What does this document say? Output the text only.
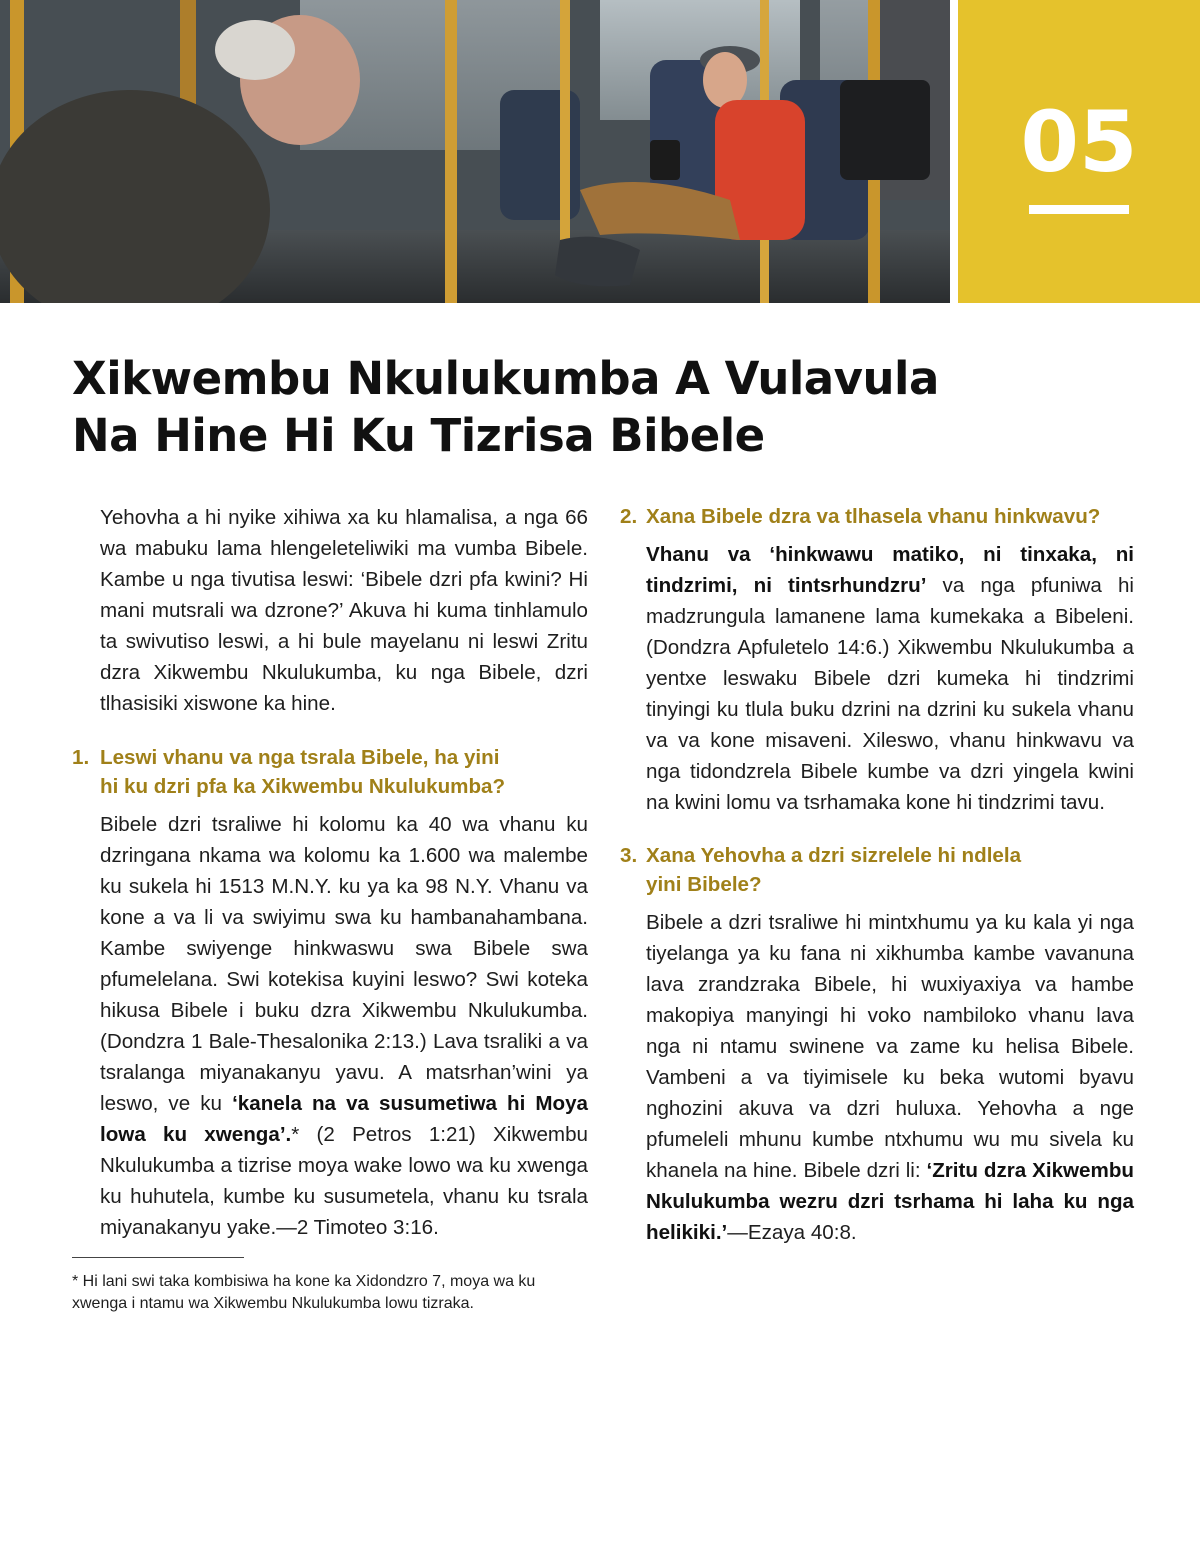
05
Xikwembu Nkulukumba A Vulavula
Na Hine Hi Ku Tizrisa Bibele

Yehovha a hi nyike xihiwa xa ku hlamalisa, a nga 66 wa mabuku lama hlengeleteliwiki ma vumba Bibele. Kambe u nga tivutisa leswi: ‘Bibele dzri pfa kwini? Hi mani mutsrali wa dzrone?’ Akuva hi kuma tinhlamulo ta swivutiso leswi, a hi bule mayelanu ni leswi Zritu dzra Xikwembu Nkulukumba, ku nga Bibele, dzri tlhasisiki xiswone ka hine.

1. Leswi vhanu va nga tsrala Bibele, ha yini
hi ku dzri pfa ka Xikwembu Nkulukumba?

Bibele dzri tsraliwe hi kolomu ka 40 wa vhanu ku dzringana nkama wa kolomu ka 1.600 wa malembe ku sukela hi 1513 M.N.Y. ku ya ka 98 N.Y. Vhanu va kone a va li va swiyimu swa ku hambanahambana. Kambe swiyenge hinkwaswu swa Bibele swa pfumelelana. Swi kotekisa kuyini leswo? Swi koteka hikusa Bibele i buku dzra Xikwembu Nkulukumba. (Dondzra 1 Bale-Thesalonika 2:13.) Lava tsraliki a va tsralanga miyanakanyu yavu. A matsrhan’wini ya leswo, ve ku ‘kanela na va susumetiwa hi Moya lowa ku xwenga’.* (2 Petros 1:21) Xikwembu Nkulukumba a tizrise moya wake lowo wa ku xwenga ku huhutela, kumbe ku susumetela, vhanu ku tsrala miyanakanyu yake.—2 Timoteo 3:16.

* Hi lani swi taka kombisiwa ha kone ka Xidondzro 7, moya wa ku xwenga i ntamu wa Xikwembu Nkulukumba lowu tizraka.

2. Xana Bibele dzra va tlhasela vhanu hinkwavu?

Vhanu va ‘hinkwawu matiko, ni tinxaka, ni tindzrimi, ni tintsrhundzru’ va nga pfuniwa hi madzrungula lamanene lama kumekaka a Bibeleni. (Dondzra Apfuletelo 14:6.) Xikwembu Nkulukumba a yentxe leswaku Bibele dzri kumeka hi tindzrimi tinyingi ku tlula buku dzrini na dzrini ku sukela vhanu va va kone misaveni. Xileswo, vhanu hinkwavu va nga tidondzrela Bibele kumbe va dzri yingela kwini na kwini lomu va tsrhamaka kone hi tindzrimi tavu.

3. Xana Yehovha a dzri sizrelele hi ndlela
yini Bibele?

Bibele a dzri tsraliwe hi mintxhumu ya ku kala yi nga tiyelanga ya ku fana ni xikhumba kambe vavanuna lava zrandzraka Bibele, hi wuxiyaxiya va hambe makopiya manyingi hi voko nambiloko vhanu lava nga ni ntamu swinene va zame ku helisa Bibele. Vambeni a va tiyimisele ku beka wutomi byavu nghozini akuva va dzri huluxa. Yehovha a nge pfumeleli mhunu kumbe ntxhumu wu mu sivela ku khanela na hine. Bibele dzri li: ‘Zritu dzra Xikwembu Nkulukumba wezru dzri tsrhama hi laha ku nga helikiki.’—Ezaya 40:8.
